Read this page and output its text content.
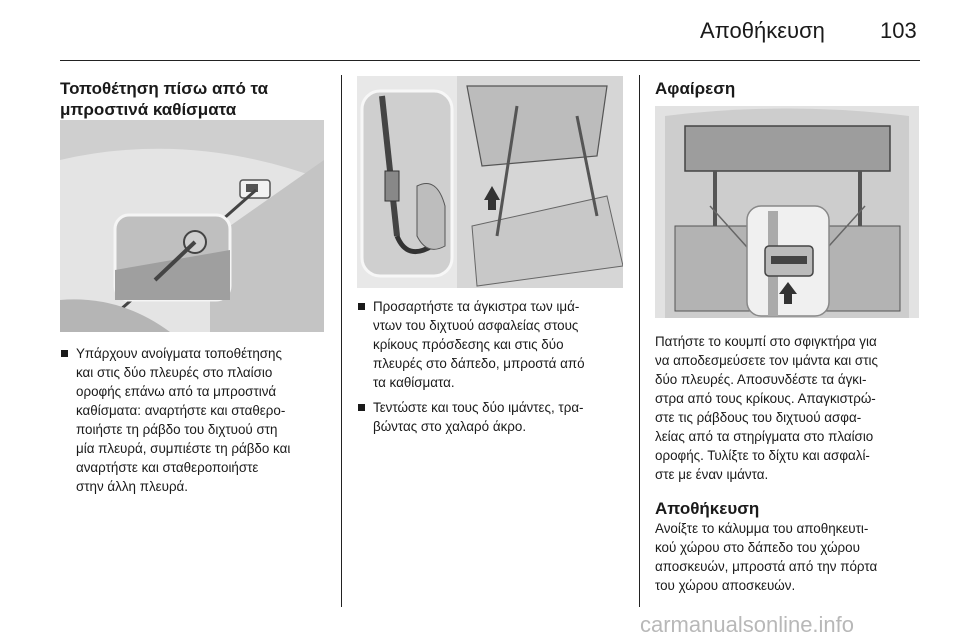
Αποθήκευση	103
Τοποθέτηση πίσω από τα
μπροστινά καθίσματα
Υπάρχουν ανοίγματα τοποθέτησης
και στις δύο πλευρές στο πλαίσιο
οροφής επάνω από τα μπροστινά
καθίσματα: αναρτήστε και σταθερο-
ποιήστε τη ράβδο του διχτυού στη
μία πλευρά, συμπιέστε τη ράβδο και
αναρτήστε και σταθεροποιήστε
στην άλλη πλευρά.
Προσαρτήστε τα άγκιστρα των ιμά-
ντων του διχτυού ασφαλείας στους
κρίκους πρόσδεσης και στις δύο
πλευρές στο δάπεδο, μπροστά από
τα καθίσματα.
Τεντώστε και τους δύο ιμάντες, τρα-
βώντας στο χαλαρό άκρο.
Αφαίρεση
Πατήστε το κουμπί στο σφιγκτήρα για
να αποδεσμεύσετε τον ιμάντα και στις
δύο πλευρές. Αποσυνδέστε τα άγκι-
στρα από τους κρίκους. Απαγκιστρώ-
στε τις ράβδους του διχτυού ασφα-
λείας από τα στηρίγματα στο πλαίσιο
οροφής. Τυλίξτε το δίχτυ και ασφαλί-
στε με έναν ιμάντα.
Αποθήκευση
Ανοίξτε το κάλυμμα του αποθηκευτι-
κού χώρου στο δάπεδο του χώρου
αποσκευών, μπροστά από την πόρτα
του χώρου αποσκευών.
carmanualsonline.info
